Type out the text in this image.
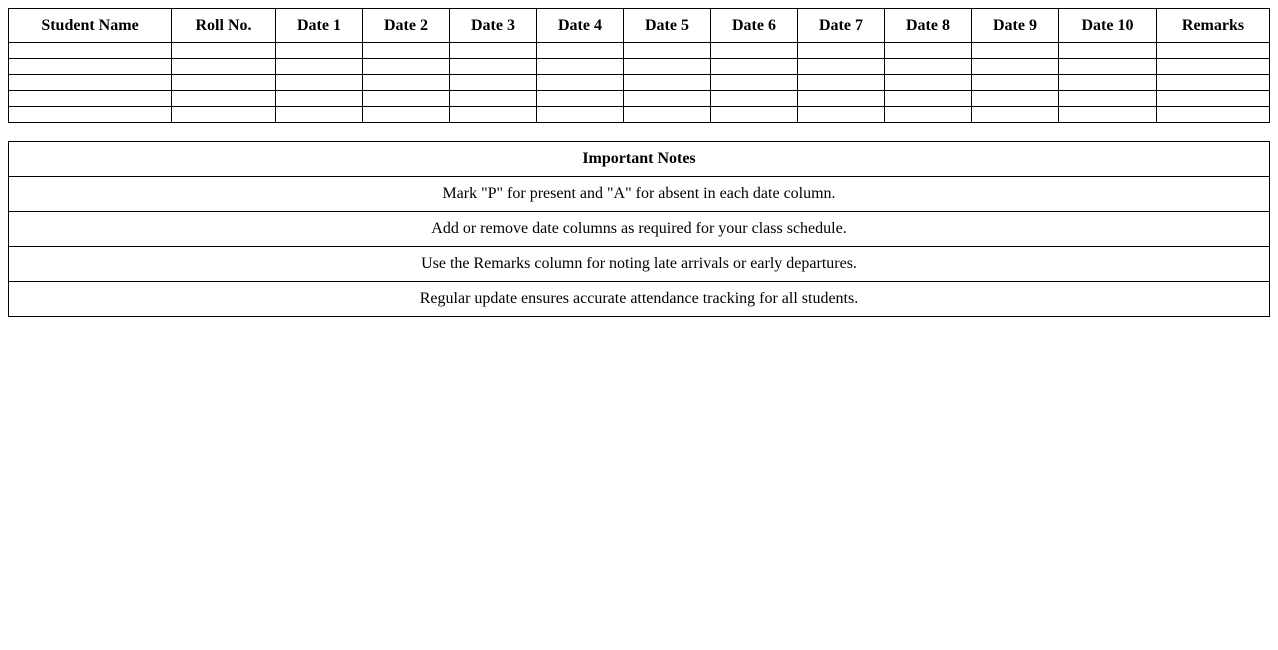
Student Name	Roll No.	Date 1	Date 2	Date 3	Date 4	Date 5	Date 6	Date 7	Date 8	Date 9	Date 10	Remarks

Important Notes
Mark "P" for present and "A" for absent in each date column.
Add or remove date columns as required for your class schedule.
Use the Remarks column for noting late arrivals or early departures.
Regular update ensures accurate attendance tracking for all students.
